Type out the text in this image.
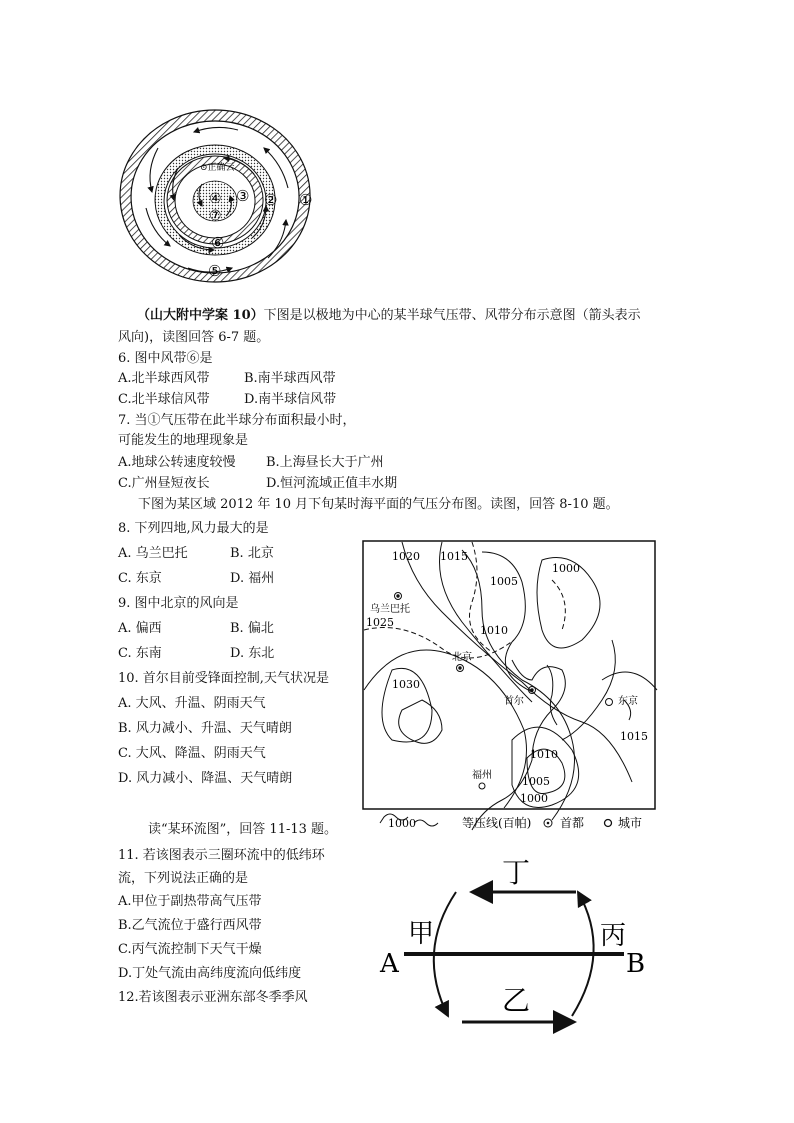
⊙正确云
①
②
③
④
⑤
⑥
⑦
（山大附中学案 10）下图是以极地为中心的某半球气压带、风带分布示意图（箭头表示
风向)，读图回答 6-7 题。
6. 图中风带⑥是
A.北半球西风带	B.南半球西风带
C.北半球信风带	D.南半球信风带
7. 当①气压带在此半球分布面积最小时，
可能发生的地理现象是
A.地球公转速度较慢 B.上海昼长大于广州
C.广州昼短夜长	D.恒河流域正值丰水期
下图为某区域 2012 年 10 月下旬某时海平面的气压分布图。读图，回答 8-10 题。
8. 下列四地,风力最大的是
A. 乌兰巴托	B. 北京
C. 东京	D. 福州
9. 图中北京的风向是
A. 偏西	B. 偏北
C. 东南	D. 东北
10. 首尔目前受锋面控制,天气状况是
A. 大风、升温、阴雨天气
B. 风力减小、升温、天气晴朗
C. 大风、降温、阴雨天气
D. 风力减小、降温、天气晴朗
1020 1015
1005
1000
1025
1010
1030
1015
1010
1005
1000
乌兰巴托
北京
首尔	东京
福州
1000	等压线(百帕) 首都	城市
读“某环流图”，回答 11-13 题。
11. 若该图表示三圈环流中的低纬环
流，下列说法正确的是
A.甲位于副热带高气压带
B.乙气流位于盛行西风带
C.丙气流控制下天气干燥
D.丁处气流由高纬度流向低纬度
12.若该图表示亚洲东部冬季季风
丁
甲	丙
A	B
乙
